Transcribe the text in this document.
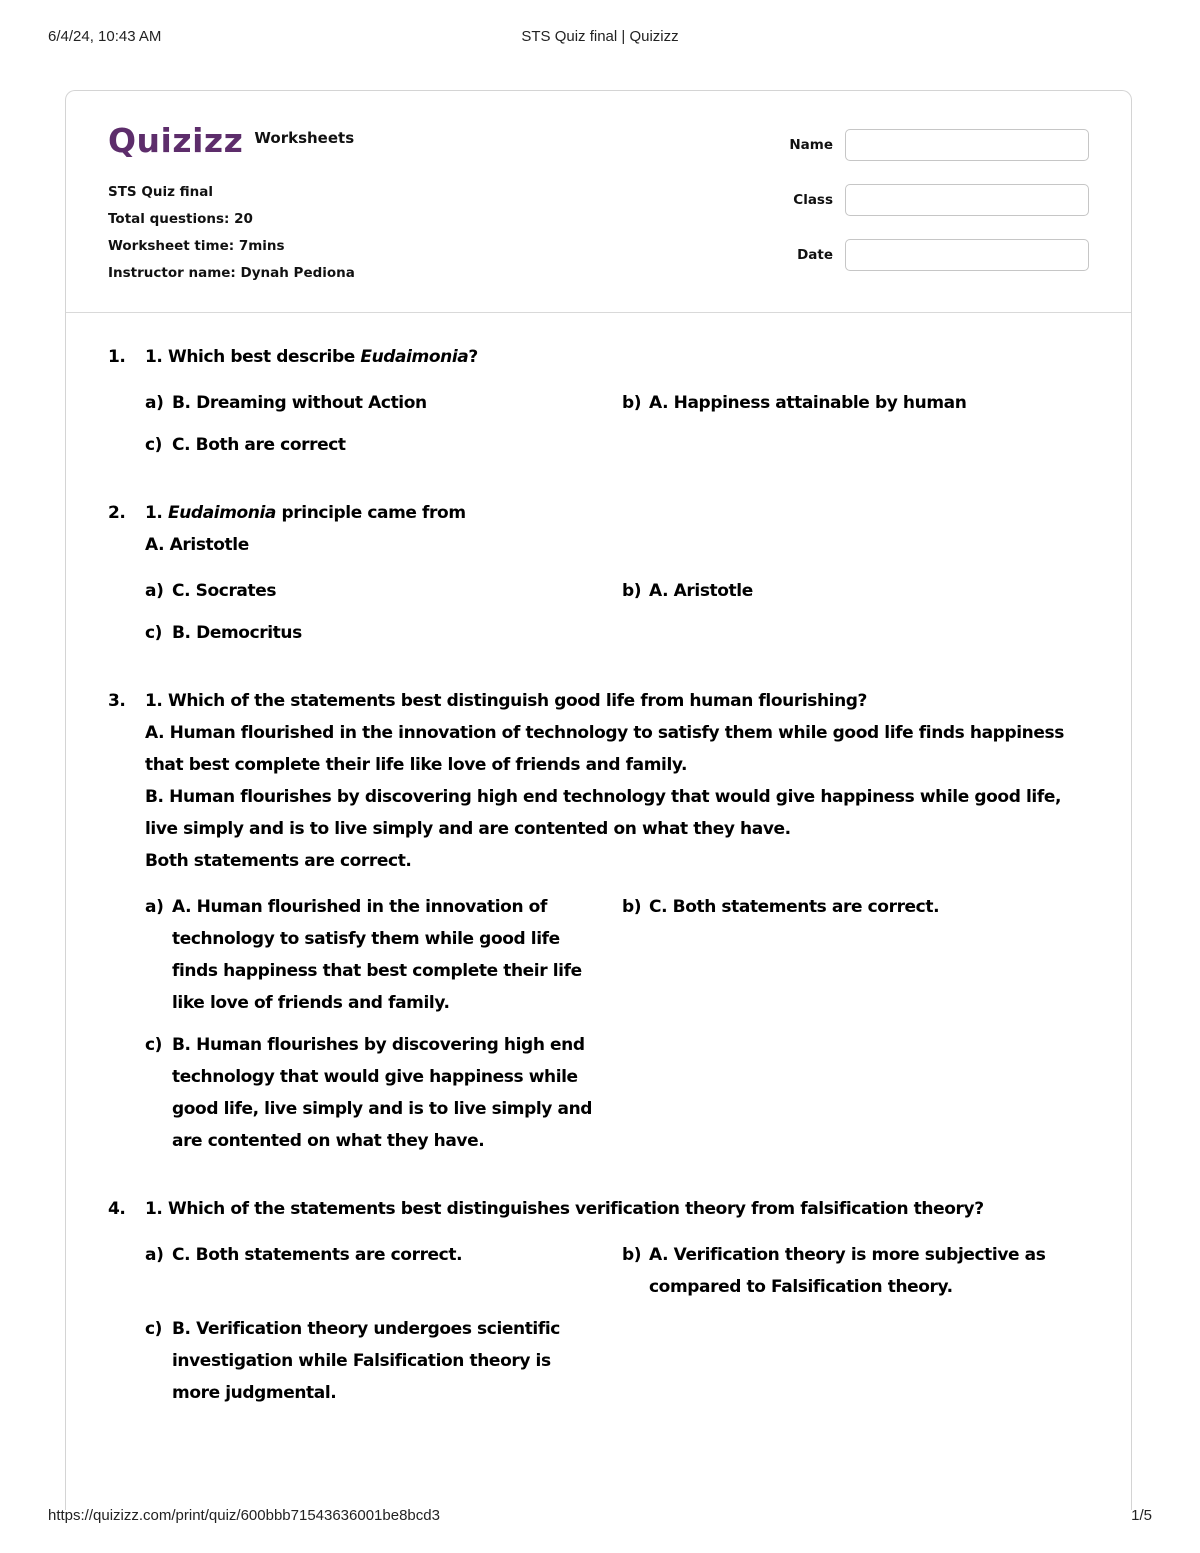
6/4/24, 10:43 AM	STS Quiz final | Quizizz
Quizizz Worksheets
STS Quiz final
Total questions: 20
Worksheet time: 7mins
Instructor name: Dynah Pediona
Name
Class
Date
1. 1. Which best describe Eudaimonia?
a) B. Dreaming without Action	b) A. Happiness attainable by human
c) C. Both are correct
2. 1. Eudaimonia principle came from
A. Aristotle
a) C. Socrates	b) A. Aristotle
c) B. Democritus
3. 1. Which of the statements best distinguish good life from human flourishing?
A. Human flourished in the innovation of technology to satisfy them while good life finds happiness that best complete their life like love of friends and family.
B. Human flourishes by discovering high end technology that would give happiness while good life, live simply and is to live simply and are contented on what they have.
Both statements are correct.
a) A. Human flourished in the innovation of technology to satisfy them while good life finds happiness that best complete their life like love of friends and family.
b) C. Both statements are correct.
c) B. Human flourishes by discovering high end technology that would give happiness while good life, live simply and is to live simply and are contented on what they have.
4. 1. Which of the statements best distinguishes verification theory from falsification theory?
a) C. Both statements are correct.	b) A. Verification theory is more subjective as compared to Falsification theory.
c) B. Verification theory undergoes scientific investigation while Falsification theory is more judgmental.
https://quizizz.com/print/quiz/600bbb71543636001be8bcd3	1/5
